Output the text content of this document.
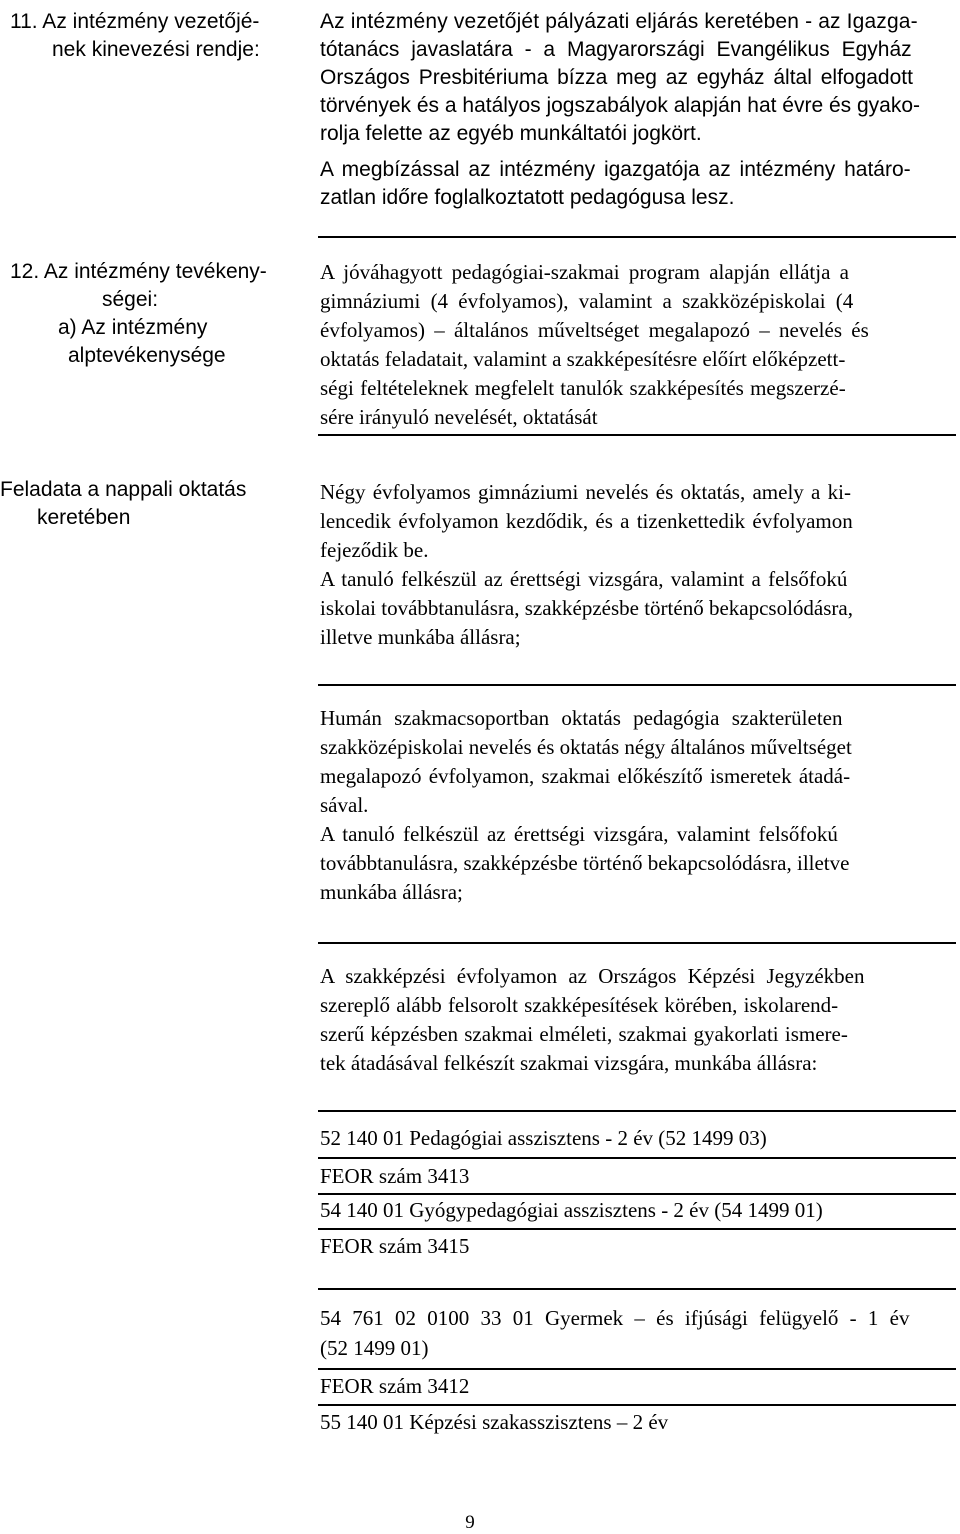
11. Az intézmény vezetőjé-
nek kinevezési rendje:
12. Az intézmény tevékeny-
ségei:
a) Az intézmény
alptevékenysége
Feladata a nappali oktatás
keretében
Az intézmény vezetőjét pályázati eljárás keretében - az Igazga-
tótanács javaslatára - a Magyarországi Evangélikus Egyház
Országos Presbitériuma bízza meg az egyház által elfogadott
törvények és a hatályos jogszabályok alapján hat évre és gyako-
rolja felette az egyéb munkáltatói jogkört.
A megbízással az intézmény igazgatója az intézmény határo-
zatlan időre foglalkoztatott pedagógusa lesz.
A jóváhagyott pedagógiai-szakmai program alapján ellátja a
gimnáziumi (4 évfolyamos), valamint a szakközépiskolai (4
évfolyamos) – általános műveltséget megalapozó – nevelés és
oktatás feladatait, valamint a szakképesítésre előírt előképzett-
ségi feltételeknek megfelelt tanulók szakképesítés megszerzé-
sére irányuló nevelését, oktatását
Négy évfolyamos gimnáziumi nevelés és oktatás, amely a ki-
lencedik évfolyamon kezdődik, és a tizenkettedik évfolyamon
fejeződik be.
A tanuló felkészül az érettségi vizsgára, valamint a felsőfokú
iskolai továbbtanulásra, szakképzésbe történő bekapcsolódásra,
illetve munkába állásra;
Humán szakmacsoportban oktatás pedagógia szakterületen
szakközépiskolai nevelés és oktatás négy általános műveltséget
megalapozó évfolyamon, szakmai előkészítő ismeretek átadá-
sával.
A tanuló felkészül az érettségi vizsgára, valamint felsőfokú
továbbtanulásra, szakképzésbe történő bekapcsolódásra, illetve
munkába állásra;
A szakképzési évfolyamon az Országos Képzési Jegyzékben
szereplő alább felsorolt szakképesítések körében, iskolarend-
szerű képzésben szakmai elméleti, szakmai gyakorlati ismere-
tek átadásával felkészít szakmai vizsgára, munkába állásra:
52 140 01 Pedagógiai asszisztens - 2 év (52 1499 03)
FEOR szám 3413
54 140 01 Gyógypedagógiai asszisztens - 2 év (54 1499 01)
FEOR szám 3415
54 761 02 0100 33 01 Gyermek – és ifjúsági felügyelő - 1 év
(52 1499 01)
FEOR szám 3412
55 140 01 Képzési szakasszisztens – 2 év
9
